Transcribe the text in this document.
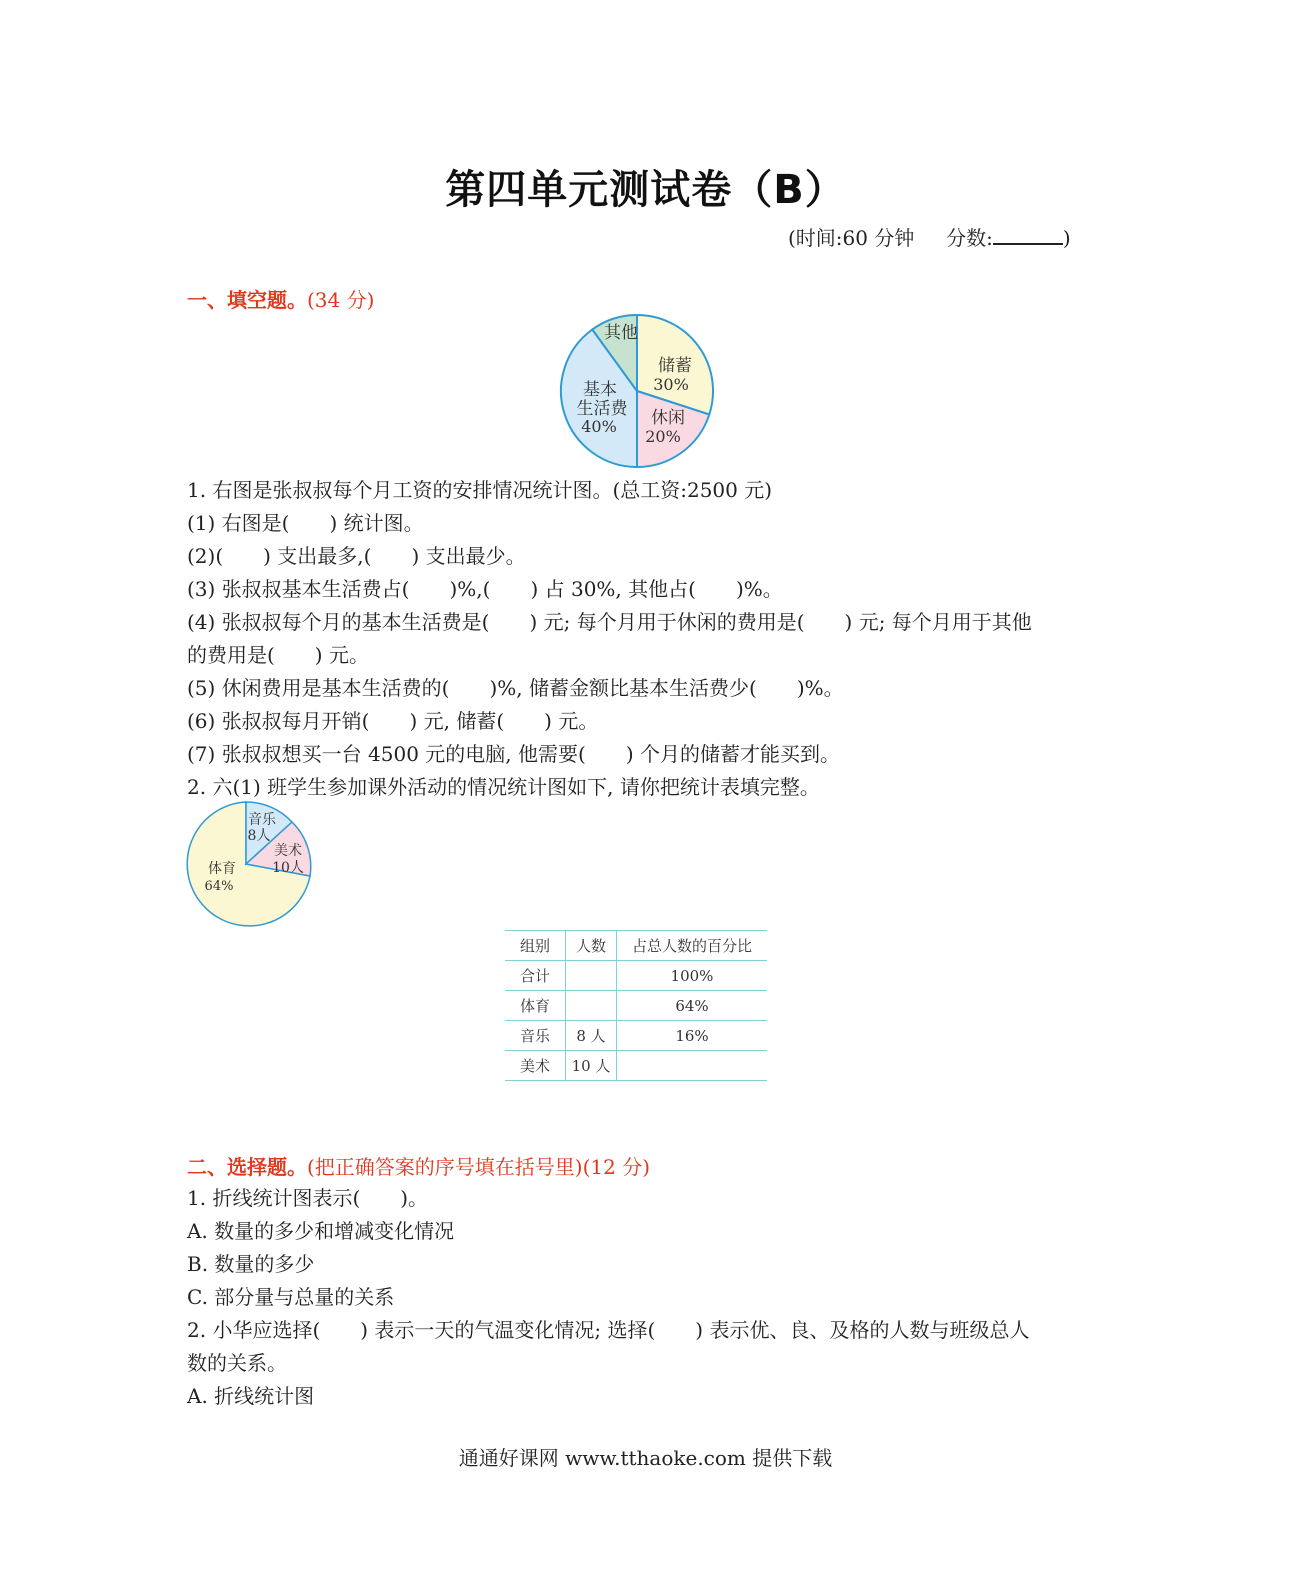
第四单元测试卷（B）
(时间:60 分钟 分数:	)
一、填空题。(34 分)
其他
储蓄
30%
休闲
20%
基本
生活费
40%
1. 右图是张叔叔每个月工资的安排情况统计图。(总工资:2500 元)
(1) 右图是(　　) 统计图。
(2)(　　) 支出最多,(　　) 支出最少。
(3) 张叔叔基本生活费占(　　)%,(　　) 占 30%, 其他占(　　)%。
(4) 张叔叔每个月的基本生活费是(　　) 元; 每个月用于休闲的费用是(　　) 元; 每个月用于其他
的费用是(　　) 元。
(5) 休闲费用是基本生活费的(　　)%, 储蓄金额比基本生活费少(　　)%。
(6) 张叔叔每月开销(　　) 元, 储蓄(　　) 元。
(7) 张叔叔想买一台 4500 元的电脑, 他需要(　　) 个月的储蓄才能买到。
2. 六(1) 班学生参加课外活动的情况统计图如下, 请你把统计表填完整。
音乐
8人
美术
10人
体育
64%
组别	人数	占总人数的百分比
合计		100%
体育		64%
音乐	8 人	16%
美术	10 人	
二、选择题。(把正确答案的序号填在括号里)(12 分)
1. 折线统计图表示(　　)。
A. 数量的多少和增减变化情况
B. 数量的多少
C. 部分量与总量的关系
2. 小华应选择(　　) 表示一天的气温变化情况; 选择(　　) 表示优、良、及格的人数与班级总人
数的关系。
A. 折线统计图
通通好课网 www.tthaoke.com 提供下载
